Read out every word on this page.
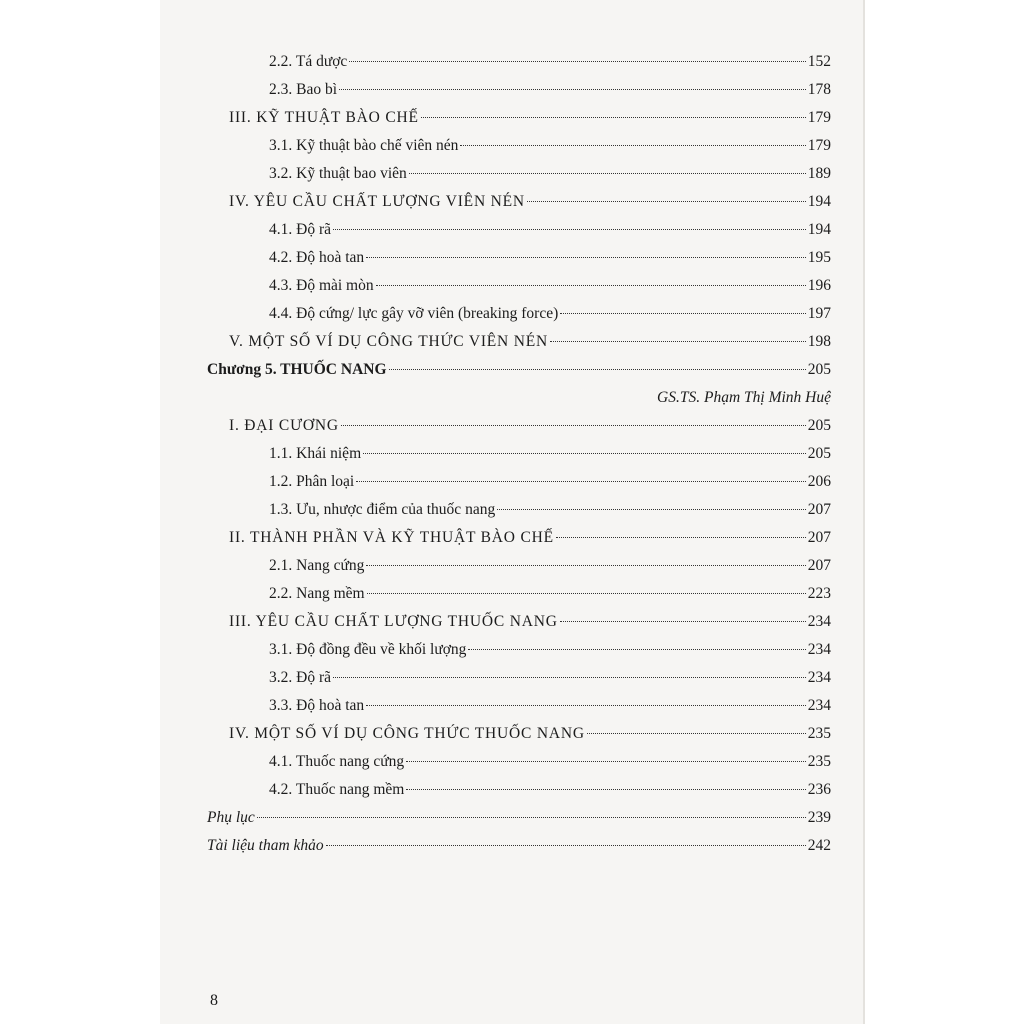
2.2. Tá dược	152
2.3. Bao bì	178
III. KỸ THUẬT BÀO CHẾ	179
3.1. Kỹ thuật bào chế viên nén	179
3.2. Kỹ thuật bao viên	189
IV. YÊU CẦU CHẤT LƯỢNG VIÊN NÉN	194
4.1. Độ rã	194
4.2. Độ hoà tan	195
4.3. Độ mài mòn	196
4.4. Độ cứng/ lực gây vỡ viên (breaking force)	197
V. MỘT SỐ VÍ DỤ CÔNG THỨC VIÊN NÉN	198
Chương 5. THUỐC NANG	205
GS.TS. Phạm Thị Minh Huệ
I. ĐẠI CƯƠNG	205
1.1. Khái niệm	205
1.2. Phân loại	206
1.3. Ưu, nhược điểm của thuốc nang	207
II. THÀNH PHẦN VÀ KỸ THUẬT BÀO CHẾ	207
2.1. Nang cứng	207
2.2. Nang mềm	223
III. YÊU CẦU CHẤT LƯỢNG THUỐC NANG	234
3.1. Độ đồng đều về khối lượng	234
3.2. Độ rã	234
3.3. Độ hoà tan	234
IV. MỘT SỐ VÍ DỤ CÔNG THỨC THUỐC NANG	235
4.1. Thuốc nang cứng	235
4.2. Thuốc nang mềm	236
Phụ lục	239
Tài liệu tham khảo	242
8
